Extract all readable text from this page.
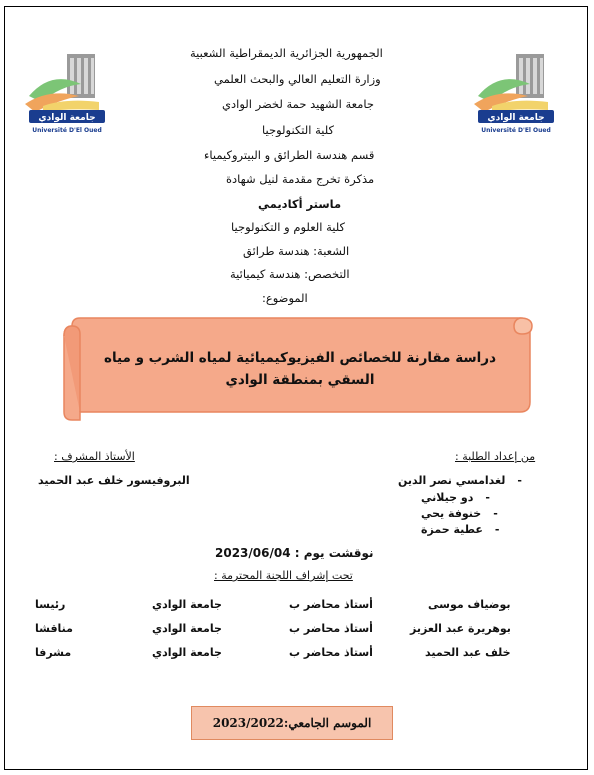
جامعة الوادي
Université D'El Oued
جامعة الوادي
Université D'El Oued
الجمهورية الجزائرية الديمقراطية الشعبية
وزارة التعليم العالي والبحث العلمي
جامعة الشهيد حمة لخضر الوادي
كلية التكنولوجيا
قسم هندسة الطرائق و البيتروكيمياء
مذكرة تخرج مقدمة لنيل شهادة
ماستر أكاديمي
كلية العلوم و التكنولوجيا
الشعبة: هندسة طرائق
التخصص: هندسة كيميائية
الموضوع:
دراسة مقارنة للخصائص الفيزيوكيميائية لمياه الشرب و مياه السقي بمنطقة الوادي
من إعداد الطلبة :
الأستاذ المشرف :
-لغدامسي نصر الدين
البروفيسور خلف عبد الحميد
-دو جيلاني
-خنوفة يحي
-عطية حمزة
نوقشت يوم : 2023/06/04
تحت إشراف اللجنة المحترمة :
بوضياف موسى
أستاذ محاضر ب
جامعة الوادي
رئيسا
بوهريرة عبد العزيز
أستاذ محاضر ب
جامعة الوادي
مناقشا
خلف عبد الحميد
أستاذ محاضر ب
جامعة الوادي
مشرفا
الموسم الجامعي:2023/2022
